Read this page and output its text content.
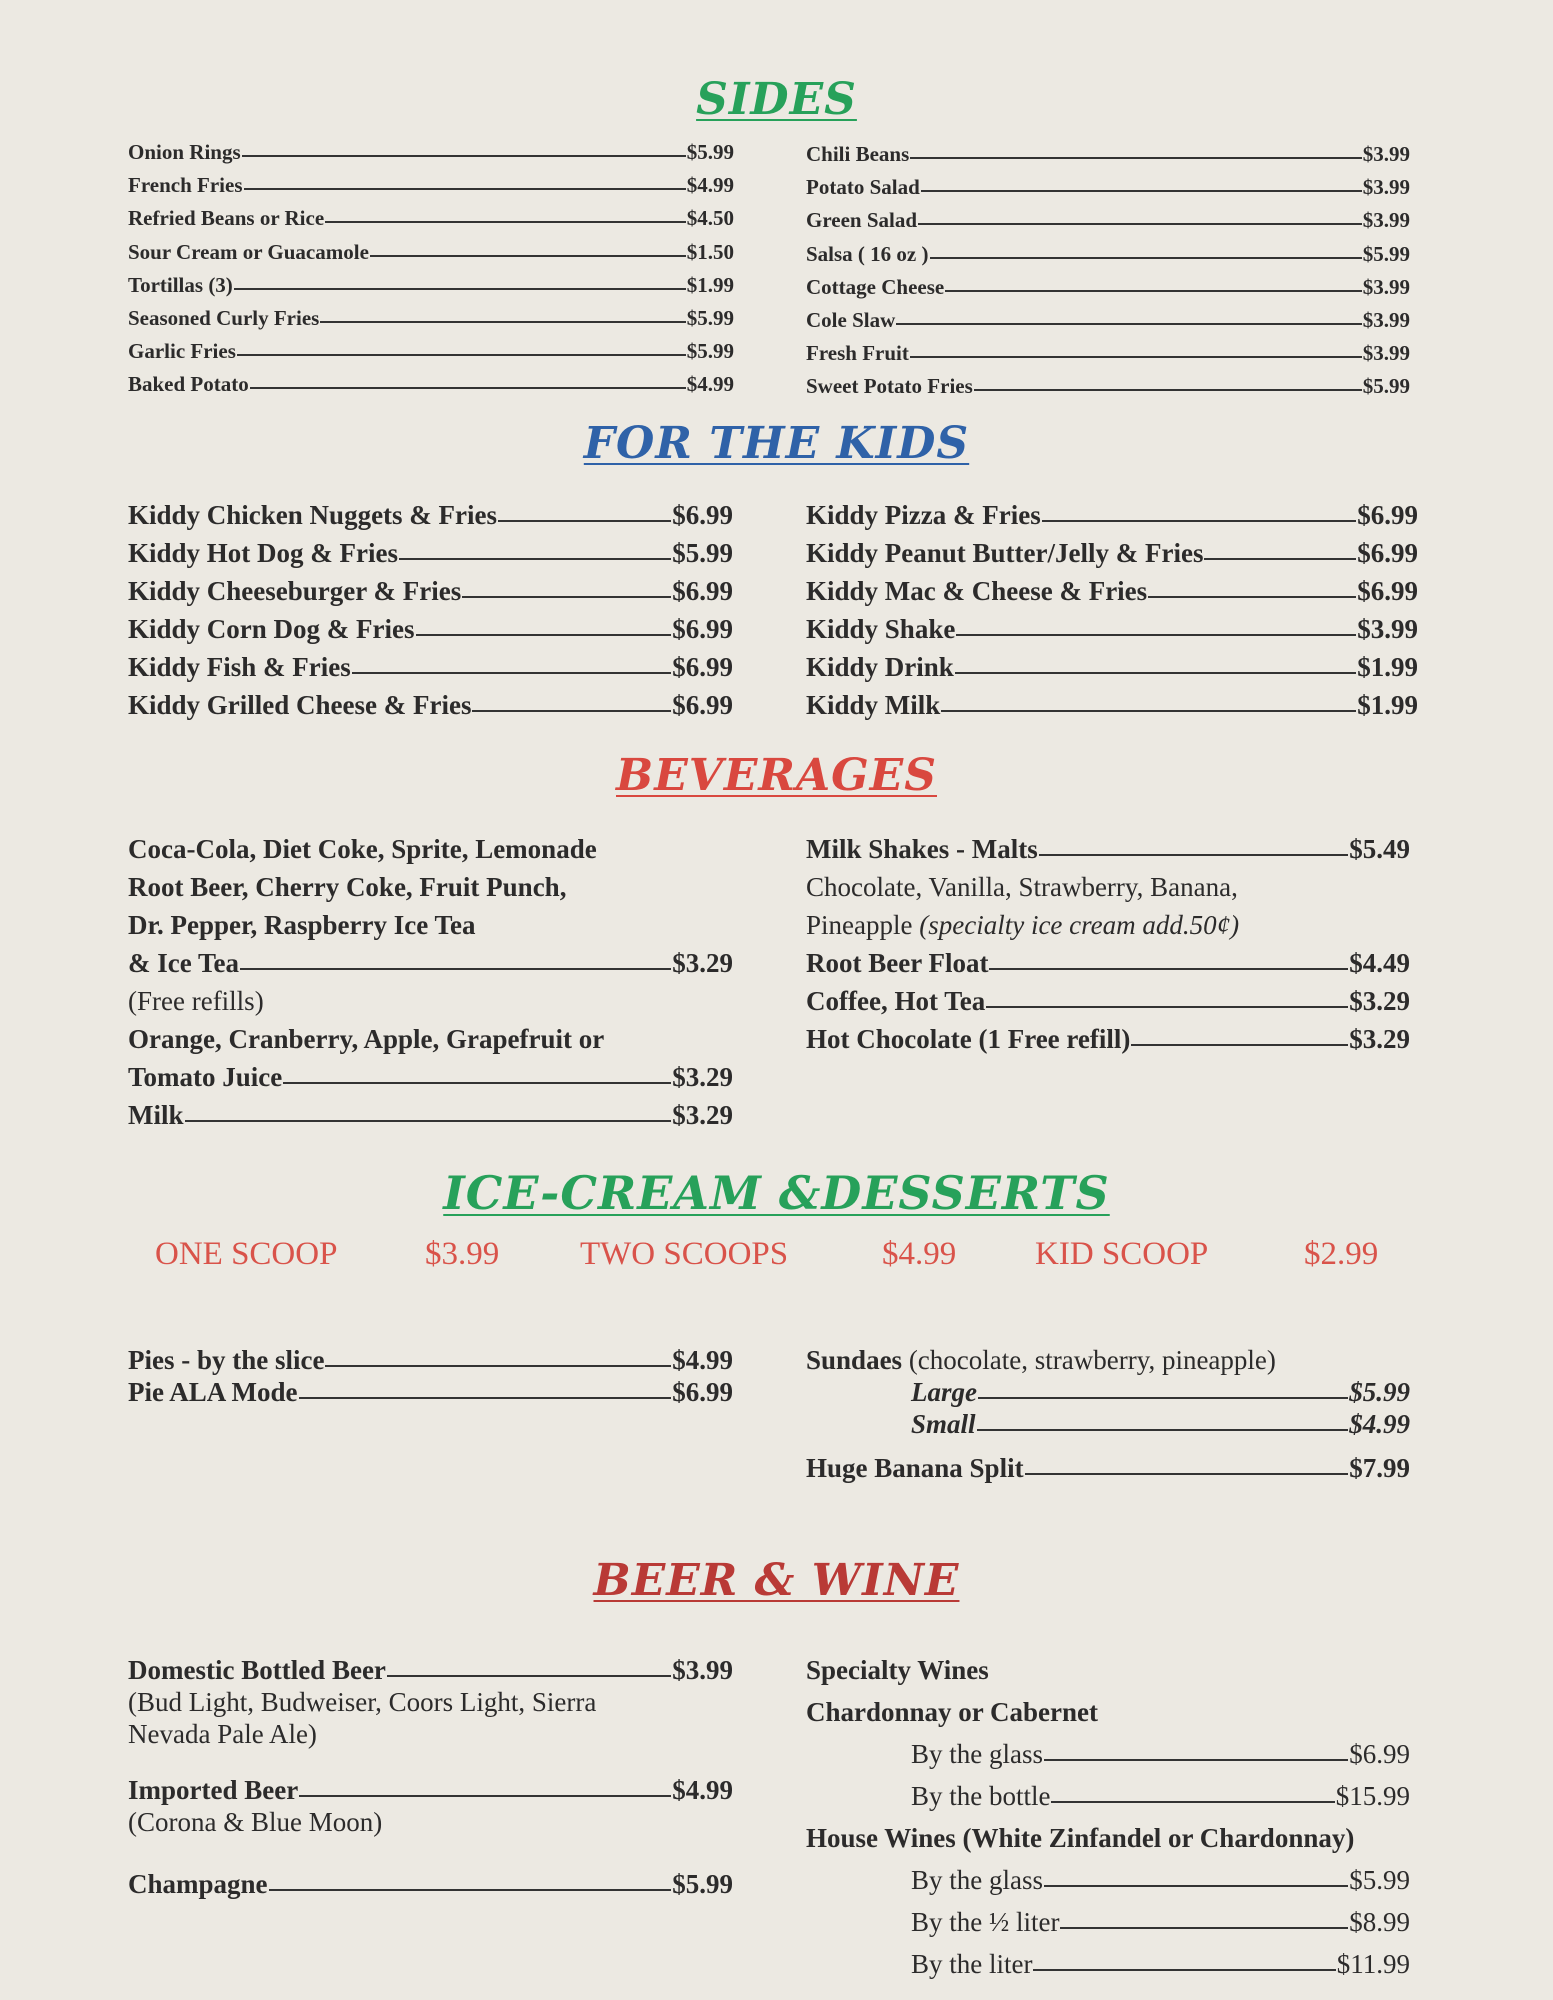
SIDES
Onion Rings	$5.99
French Fries	$4.99
Refried Beans or Rice	$4.50
Sour Cream or Guacamole	$1.50
Tortillas (3)	$1.99
Seasoned Curly Fries	$5.99
Garlic Fries	$5.99
Baked Potato	$4.99
Chili Beans	$3.99
Potato Salad	$3.99
Green Salad	$3.99
Salsa ( 16 oz )	$5.99
Cottage Cheese	$3.99
Cole Slaw	$3.99
Fresh Fruit	$3.99
Sweet Potato Fries	$5.99
FOR THE KIDS
Kiddy Chicken Nuggets & Fries	$6.99
Kiddy Hot Dog & Fries	$5.99
Kiddy Cheeseburger & Fries	$6.99
Kiddy Corn Dog & Fries	$6.99
Kiddy Fish & Fries	$6.99
Kiddy Grilled Cheese & Fries	$6.99
Kiddy Pizza & Fries	$6.99
Kiddy Peanut Butter/Jelly & Fries	$6.99
Kiddy Mac & Cheese & Fries	$6.99
Kiddy Shake	$3.99
Kiddy Drink	$1.99
Kiddy Milk	$1.99
BEVERAGES
Coca-Cola, Diet Coke, Sprite, Lemonade
Root Beer, Cherry Coke, Fruit Punch,
Dr. Pepper, Raspberry Ice Tea
& Ice Tea	$3.29
(Free refills)
Orange, Cranberry, Apple, Grapefruit or
Tomato Juice	$3.29
Milk	$3.29
Milk Shakes - Malts	$5.49
Chocolate, Vanilla, Strawberry, Banana,
Pineapple (specialty ice cream add.50¢)
Root Beer Float	$4.49
Coffee, Hot Tea	$3.29
Hot Chocolate (1 Free refill)	$3.29
ICE-CREAM &DESSERTS
ONE SCOOP	$3.99 TWO SCOOPS	$4.99 KID SCOOP	$2.99
Pies - by the slice	$4.99
Pie ALA Mode	$6.99
Sundaes (chocolate, strawberry, pineapple)
Large	$5.99
Small	$4.99
Huge Banana Split	$7.99
BEER & WINE
Domestic Bottled Beer	$3.99
(Bud Light, Budweiser, Coors Light, Sierra
Nevada Pale Ale)
Imported Beer	$4.99
(Corona & Blue Moon)
Champagne	$5.99
Specialty Wines
Chardonnay or Cabernet
By the glass	$6.99
By the bottle	$15.99
House Wines (White Zinfandel or Chardonnay)
By the glass	$5.99
By the ½ liter	$8.99
By the liter	$11.99
